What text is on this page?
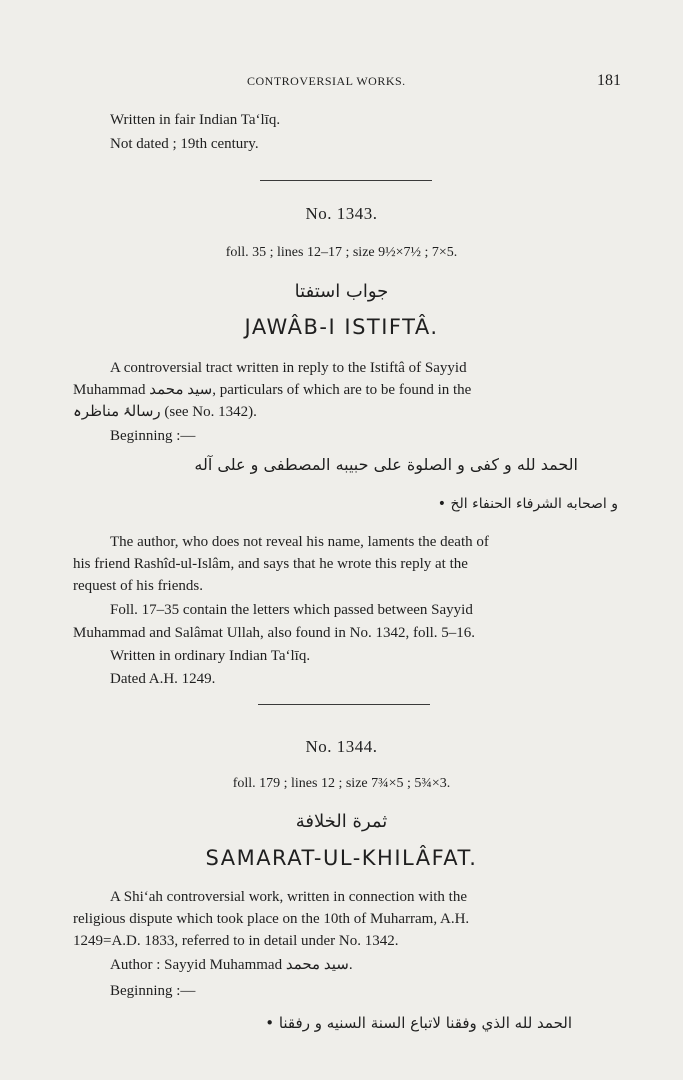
CONTROVERSIAL WORKS.	181
Written in fair Indian Ta‘līq.
Not dated ; 19th century.
No. 1343.
foll. 35 ; lines 12–17 ; size 9½×7½ ; 7×5.
جواب استفتا
JAWÂB-I ISTIFTÂ.
A controversial tract written in reply to the Istiftâ of Sayyid
Muhammad سید محمد, particulars of which are to be found in the
رسالۂ مناظرہ (see No. 1342).
Beginning :—
الحمد لله و کفی و الصلوة علی حبیبه المصطفی و علی آله
و اصحابه الشرفاء الحنفاء الخ •
The author, who does not reveal his name, laments the death of
his friend Rashîd-ul-Islâm, and says that he wrote this reply at the
request of his friends.
Foll. 17–35 contain the letters which passed between Sayyid
Muhammad and Salâmat Ullah, also found in No. 1342, foll. 5–16.
Written in ordinary Indian Ta‘līq.
Dated A.H. 1249.
No. 1344.
foll. 179 ; lines 12 ; size 7¾×5 ; 5¾×3.
ثمرة الخلافة
SAMARAT-UL-KHILÂFAT.
A Shi‘ah controversial work, written in connection with the
religious dispute which took place on the 10th of Muharram, A.H.
1249=A.D. 1833, referred to in detail under No. 1342.
Author : Sayyid Muhammad سید محمد.
Beginning :—
الحمد لله الذي وفقنا لاتباع السنة السنیه و رفقنا •
